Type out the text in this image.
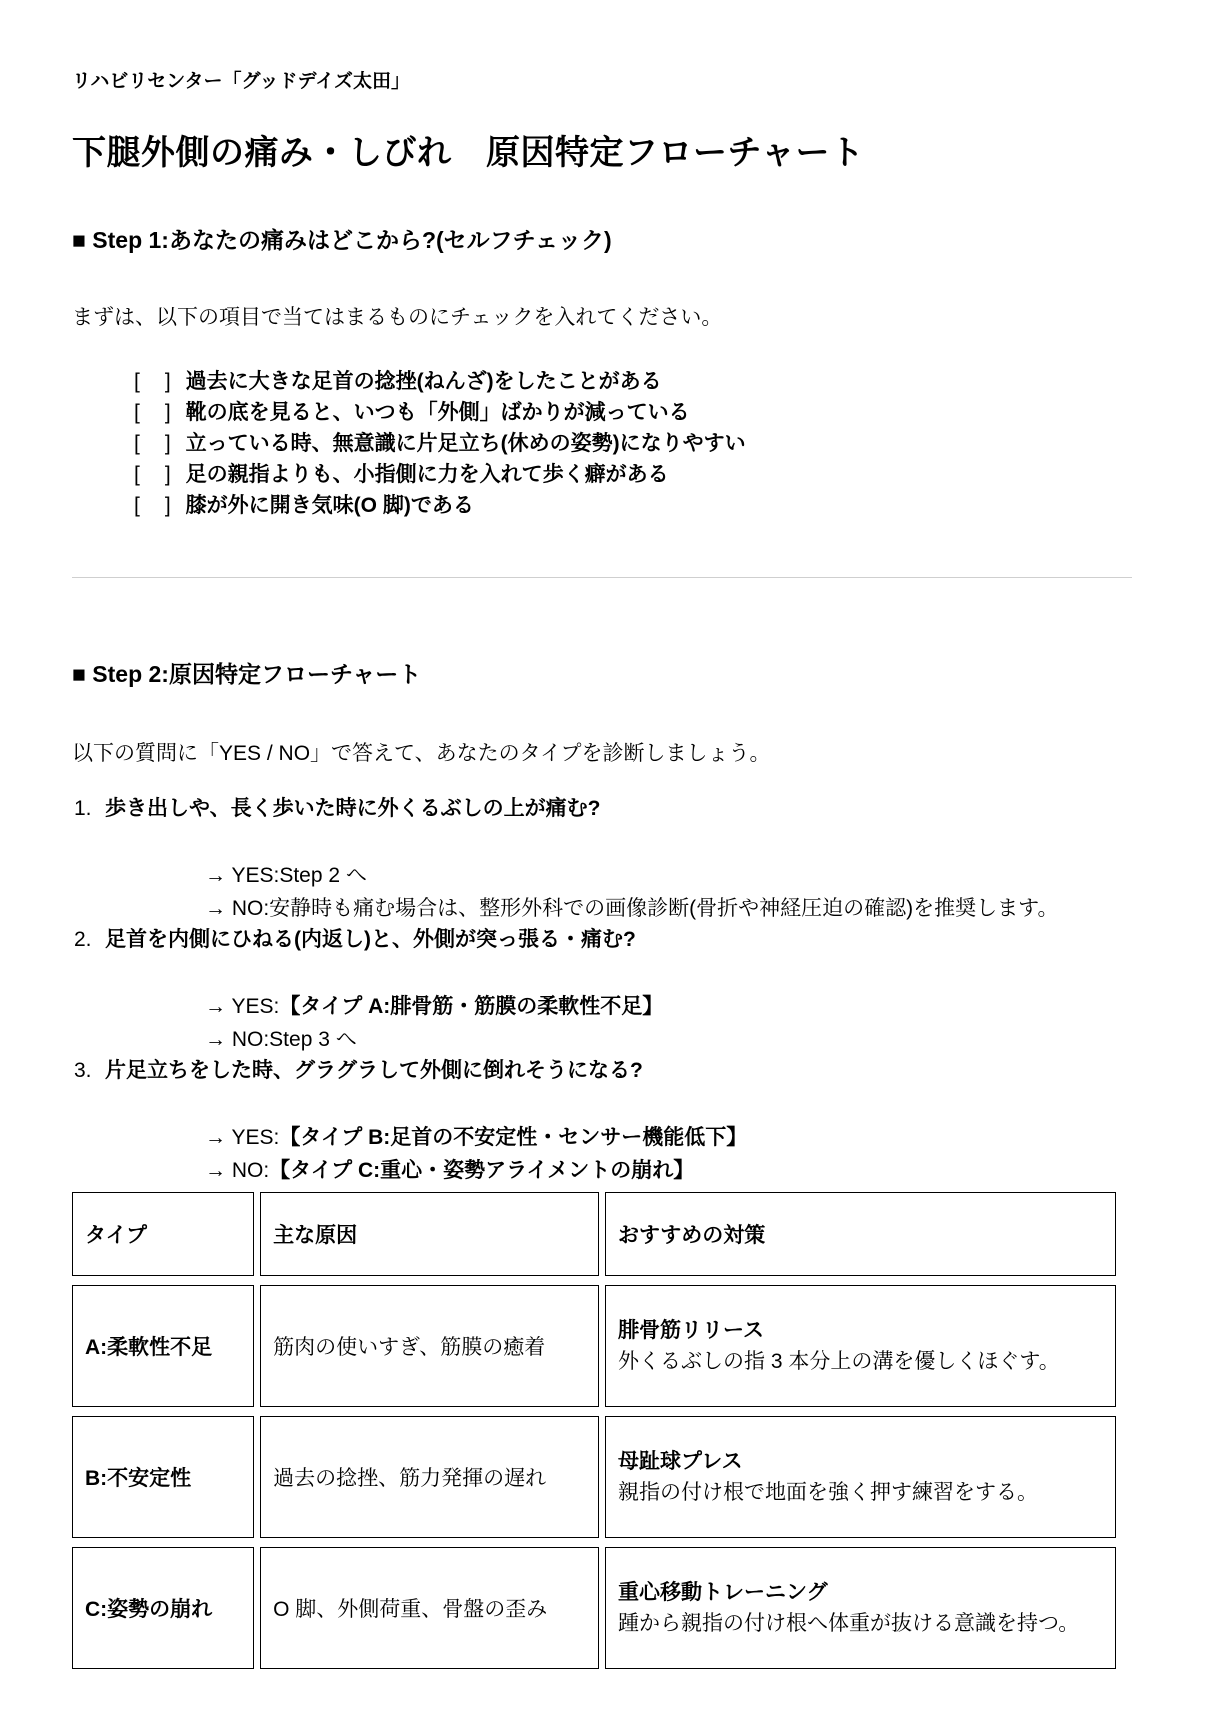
リハビリセンター「グッドデイズ太田」
下腿外側の痛み・しびれ　原因特定フローチャート
■ Step 1:あなたの痛みはどこから?(セルフチェック)

まずは、以下の項目で当てはまるものにチェックを入れてください。

[　] 過去に大きな足首の捻挫(ねんざ)をしたことがある
[　] 靴の底を見ると、いつも「外側」ばかりが減っている
[　] 立っている時、無意識に片足立ち(休めの姿勢)になりやすい
[　] 足の親指よりも、小指側に力を入れて歩く癖がある
[　] 膝が外に開き気味(O 脚)である
■ Step 2:原因特定フローチャート

以下の質問に「YES / NO」で答えて、あなたのタイプを診断しましょう。

1. 歩き出しや、長く歩いた時に外くるぶしの上が痛む?

→ YES:Step 2 へ

→ NO:安静時も痛む場合は、整形外科での画像診断(骨折や神経圧迫の確認)を推奨します。

2. 足首を内側にひねる(内返し)と、外側が突っ張る・痛む?

→ YES:【タイプ A:腓骨筋・筋膜の柔軟性不足】

→ NO:Step 3 へ

3. 片足立ちをした時、グラグラして外側に倒れそうになる?

→ YES:【タイプ B:足首の不安定性・センサー機能低下】

→ NO:【タイプ C:重心・姿勢アライメントの崩れ】

タイプ	主な原因	おすすめの対策
A:柔軟性不足	筋肉の使いすぎ、筋膜の癒着	腓骨筋リリース
外くるぶしの指 3 本分上の溝を優しくほぐす。

B:不安定性	過去の捻挫、筋力発揮の遅れ	母趾球プレス
親指の付け根で地面を強く押す練習をする。

C:姿勢の崩れ	O 脚、外側荷重、骨盤の歪み	重心移動トレーニング
踵から親指の付け根へ体重が抜ける意識を持つ。
